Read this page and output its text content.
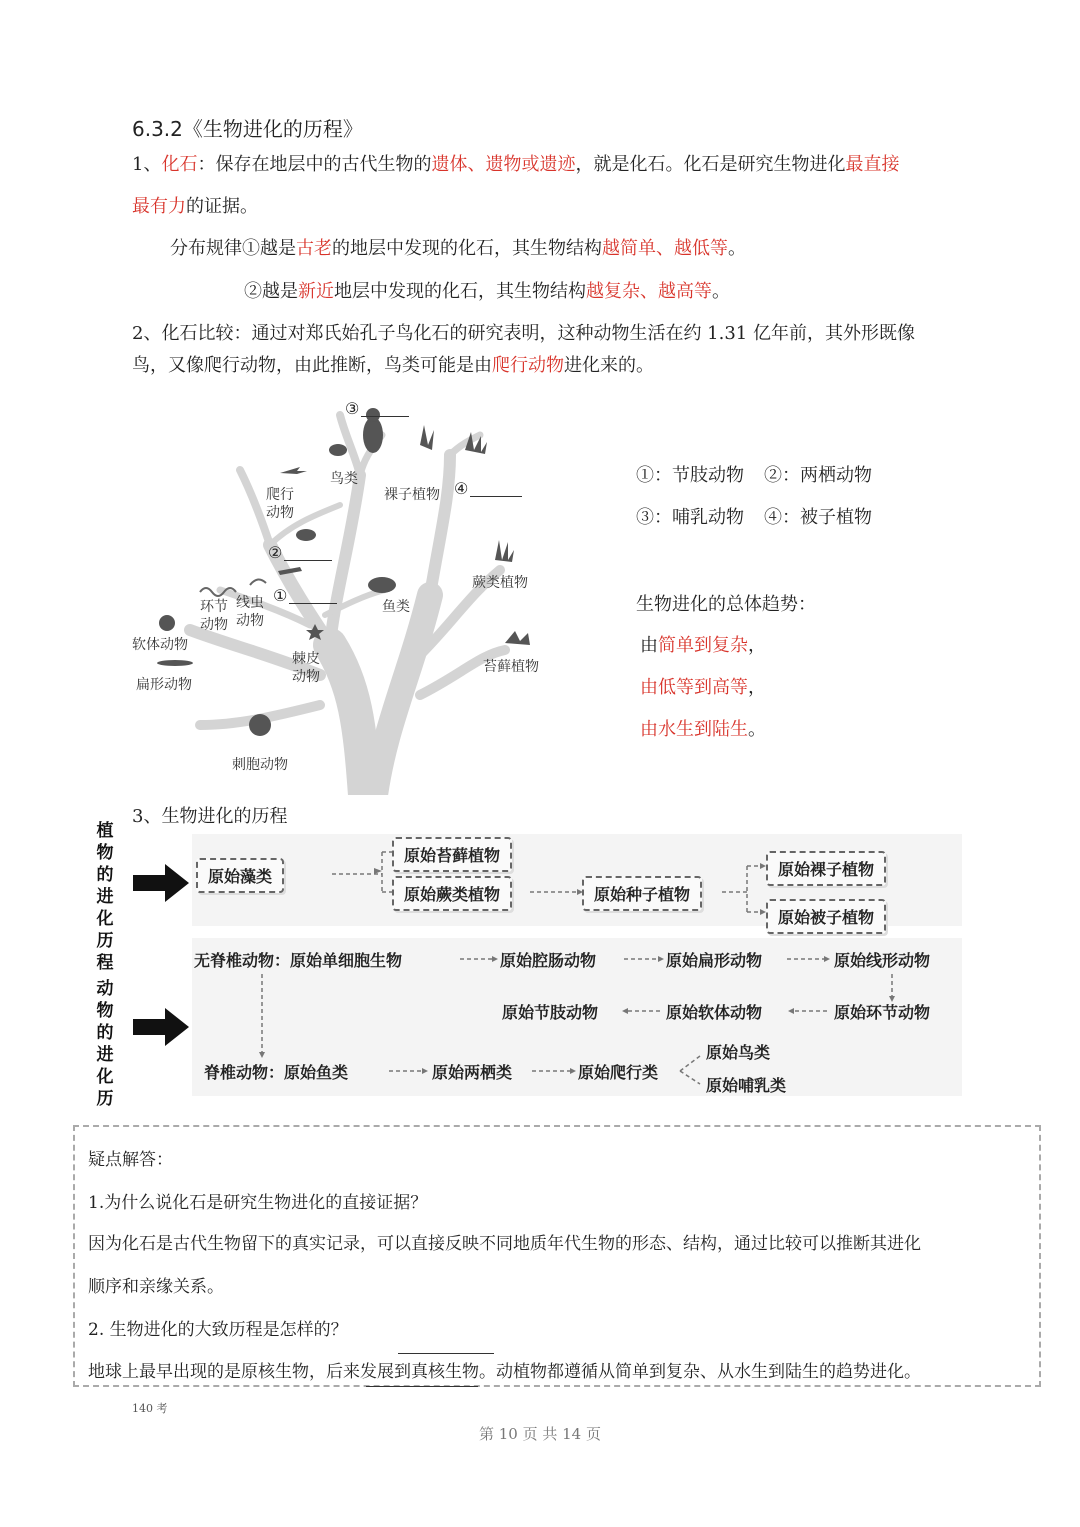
6.3.2《生物进化的历程》
1、化石：保存在地层中的古代生物的遗体、遗物或遗迹，就是化石。化石是研究生物进化最直接
最有力的证据。
分布规律①越是古老的地层中发现的化石，其生物结构越简单、越低等。
②越是新近地层中发现的化石，其生物结构越复杂、越高等。
2、化石比较：通过对郑氏始孔子鸟化石的研究表明，这种动物生活在约 1.31 亿年前，其外形既像
鸟，又像爬行动物，由此推断，鸟类可能是由爬行动物进化来的。
③
④
②
①
鸟类
爬行
动物
裸子植物
蕨类植物
鱼类
环节
动物
线虫
动物
软体动物
扁形动物
棘皮
动物
苔藓植物
刺胞动物
①：节肢动物 ②：两栖动物
③：哺乳动物 ④：被子植物
生物进化的总体趋势：
由简单到复杂，
由低等到高等，
由水生到陆生。
3、生物进化的历程
植
物
的
进
化
历
程
动
物
的
进
化
历
原始藻类
原始苔藓植物
原始蕨类植物	原始种子植物
原始裸子植物
原始被子植物
无脊椎动物：原始单细胞生物	原始腔肠动物	原始扁形动物	原始线形动物
原始环节动物
原始软体动物
原始节肢动物
脊椎动物：原始鱼类	原始两栖类	原始爬行类
原始鸟类
原始哺乳类
疑点解答：
1.为什么说化石是研究生物进化的直接证据？
因为化石是古代生物留下的真实记录，可以直接反映不同地质年代生物的形态、结构，通过比较可以推断其进化
顺序和亲缘关系。
2. 生物进化的大致历程是怎样的？
地球上最早出现的是原核生物，后来发展到真核生物。动植物都遵循从简单到复杂、从水生到陆生的趋势进化。
140 考
第 10 页 共 14 页
